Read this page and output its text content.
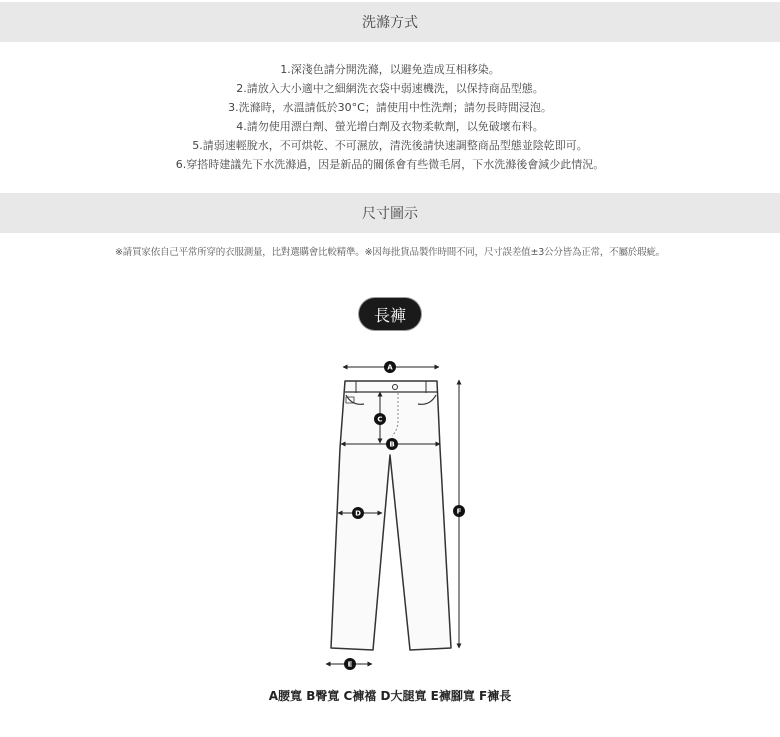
洗滌方式
1.深淺色請分開洗滌，以避免造成互相移染。
2.請放入大小適中之細網洗衣袋中弱速機洗，以保持商品型態。
3.洗滌時，水溫請低於30°C；請使用中性洗劑；請勿長時間浸泡。
4.請勿使用漂白劑、螢光增白劑及衣物柔軟劑，以免破壞布料。
5.請弱速輕脫水，不可烘乾、不可濕放，清洗後請快速調整商品型態並陰乾即可。
6.穿搭時建議先下水洗滌過，因是新品的關係會有些微毛屑，下水洗滌後會減少此情況。
尺寸圖示
※請買家依自己平常所穿的衣服測量，比對選購會比較精準。※因每批貨品製作時間不同，尺寸誤差值±3公分皆為正常，不屬於瑕疵。
長褲
A
B
C
D
E
F
A腰寬 B臀寬 C褲襠 D大腿寬 E褲腳寬 F褲長
